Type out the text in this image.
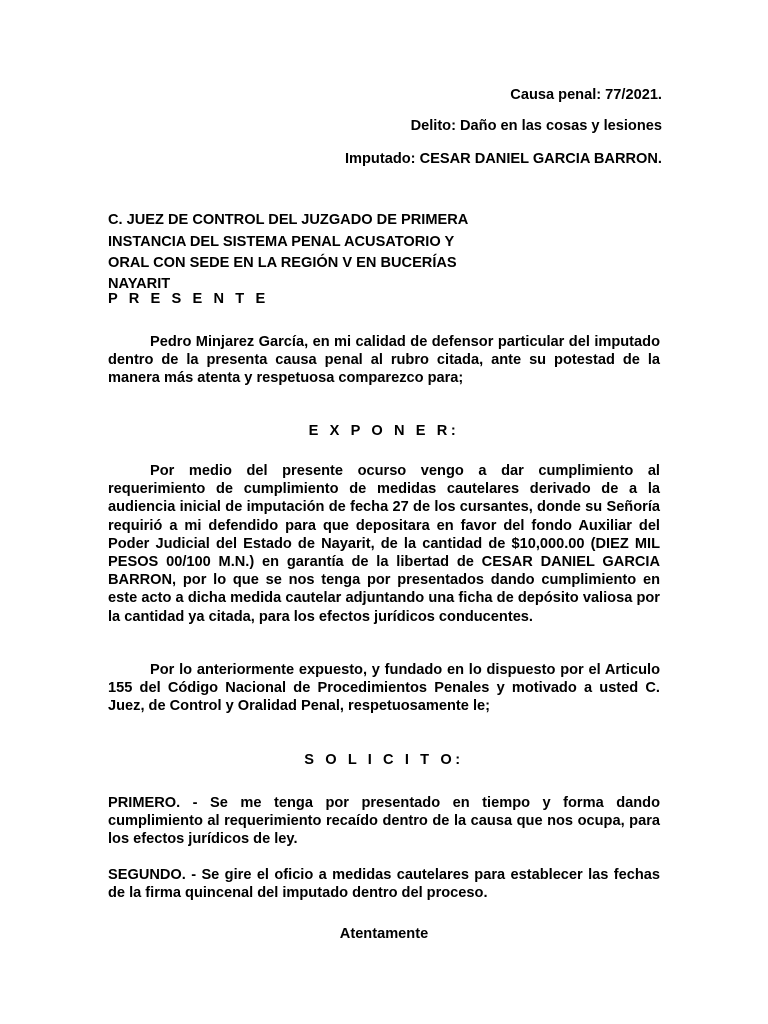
Causa penal: 77/2021.

Delito: Daño en las cosas y lesiones

Imputado: CESAR DANIEL GARCIA BARRON.

C. JUEZ DE CONTROL DEL JUZGADO DE PRIMERA

INSTANCIA DEL SISTEMA PENAL ACUSATORIO Y

ORAL CON SEDE EN LA REGIÓN V EN BUCERÍAS

NAYARIT

P R E S E N T E

Pedro Minjarez García, en mi calidad de defensor particular del imputado dentro de la presenta causa penal al rubro citada, ante su potestad de la manera más atenta y respetuosa comparezco para;

E X P O N E R:

Por medio del presente ocurso vengo a dar cumplimiento al requerimiento de cumplimiento de medidas cautelares derivado de a la audiencia inicial de imputación de fecha 27 de los cursantes, donde su Señoría requirió a mi defendido para que depositara en favor del fondo Auxiliar del Poder Judicial del Estado de Nayarit, de la cantidad de $10,000.00 (DIEZ MIL PESOS 00/100 M.N.) en garantía de la libertad de CESAR DANIEL GARCIA BARRON, por lo que se nos tenga por presentados dando cumplimiento en este acto a dicha medida cautelar adjuntando una ficha de depósito valiosa por la cantidad ya citada, para los efectos jurídicos conducentes.

Por lo anteriormente expuesto, y fundado en lo dispuesto por el Articulo 155 del Código Nacional de Procedimientos Penales y motivado a usted C. Juez, de Control y Oralidad Penal, respetuosamente le;

S O L I C I T O:

PRIMERO. - Se me tenga por presentado en tiempo y forma dando cumplimiento al requerimiento recaído dentro de la causa que nos ocupa, para los efectos jurídicos de ley.

SEGUNDO. - Se gire el oficio a medidas cautelares para establecer las fechas de la firma quincenal del imputado dentro del proceso.

Atentamente
